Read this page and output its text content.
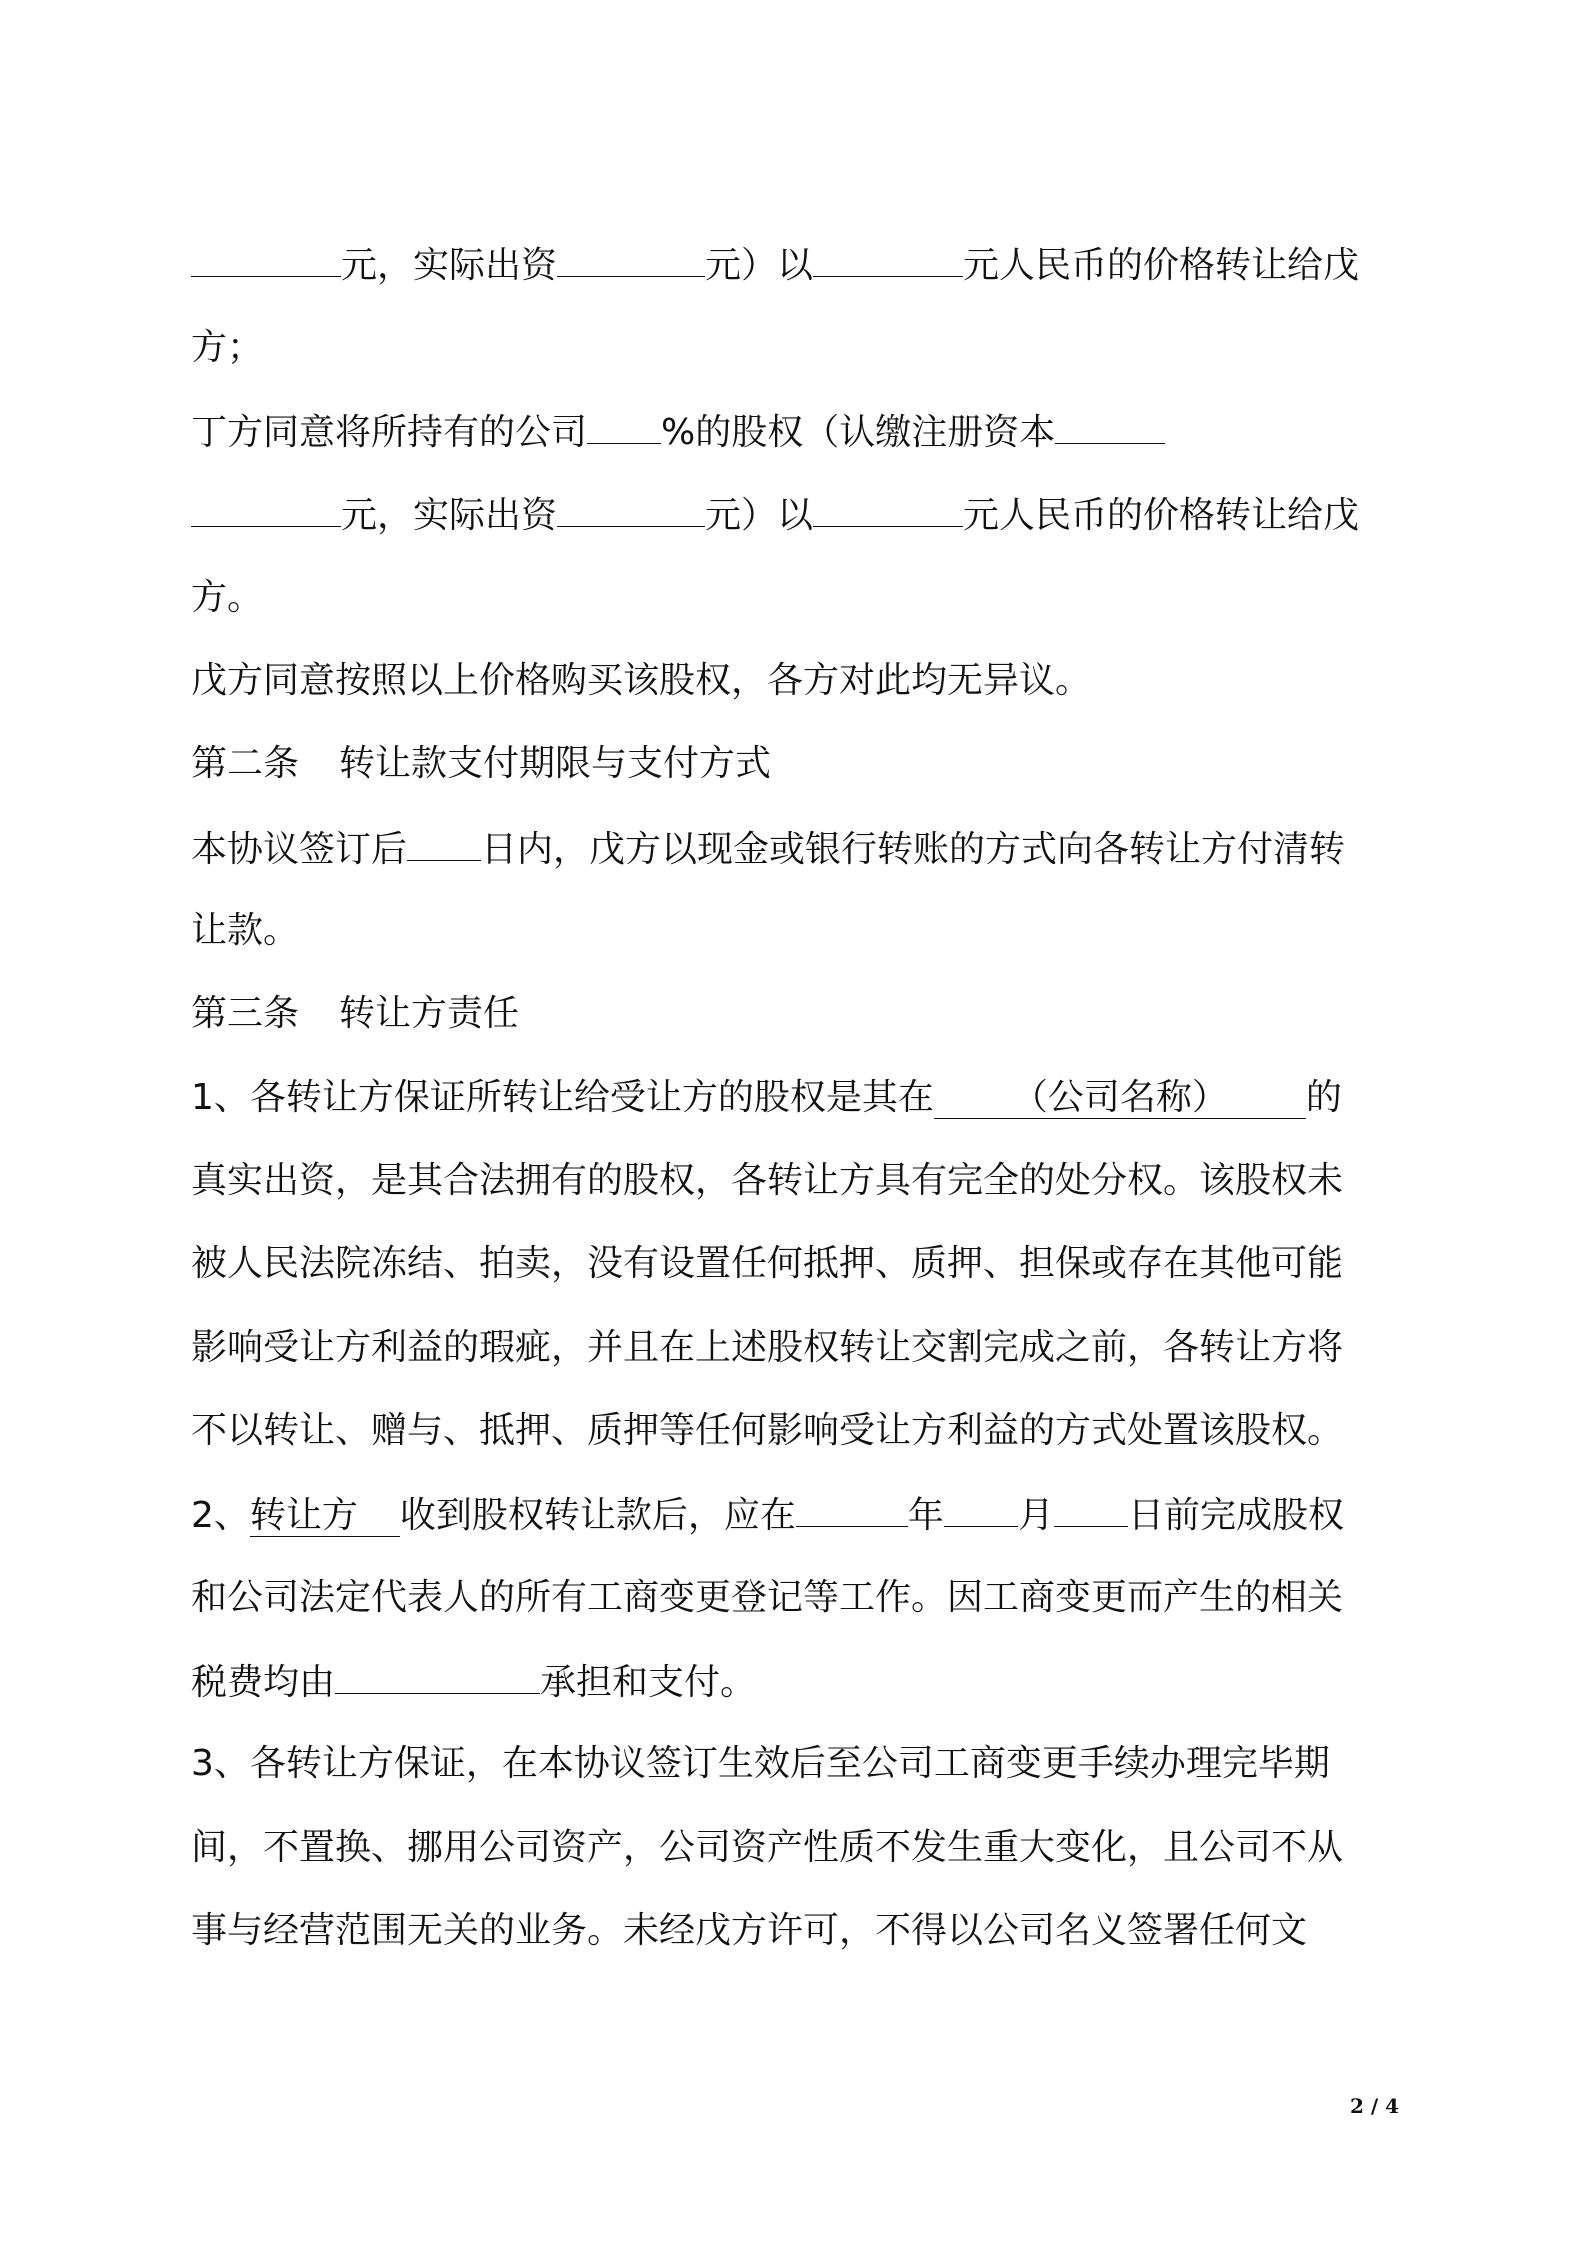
元，实际出资	元）以	元人民币的价格转让给戊
方；
丁方同意将所持有的公司 %的股权（认缴注册资本
元，实际出资	元）以	元人民币的价格转让给戊
方。
戊方同意按照以上价格购买该股权，各方对此均无异议。
第二条 转让款支付期限与支付方式
本协议签订后 日内，戊方以现金或银行转账的方式向各转让方付清转
让款。
第三条 转让方责任
1、各转让方保证所转让给受让方的股权是其在 （公司名称） 的
真实出资，是其合法拥有的股权，各转让方具有完全的处分权。该股权未
被人民法院冻结、拍卖，没有设置任何抵押、质押、担保或存在其他可能
影响受让方利益的瑕疵，并且在上述股权转让交割完成之前，各转让方将
不以转让、赠与、抵押、质押等任何影响受让方利益的方式处置该股权。
2、转让方 收到股权转让款后，应在	年 月 日前完成股权
和公司法定代表人的所有工商变更登记等工作。因工商变更而产生的相关
税费均由	承担和支付。
3、各转让方保证，在本协议签订生效后至公司工商变更手续办理完毕期
间，不置换、挪用公司资产，公司资产性质不发生重大变化，且公司不从
事与经营范围无关的业务。未经戊方许可，不得以公司名义签署任何文
2 / 4
